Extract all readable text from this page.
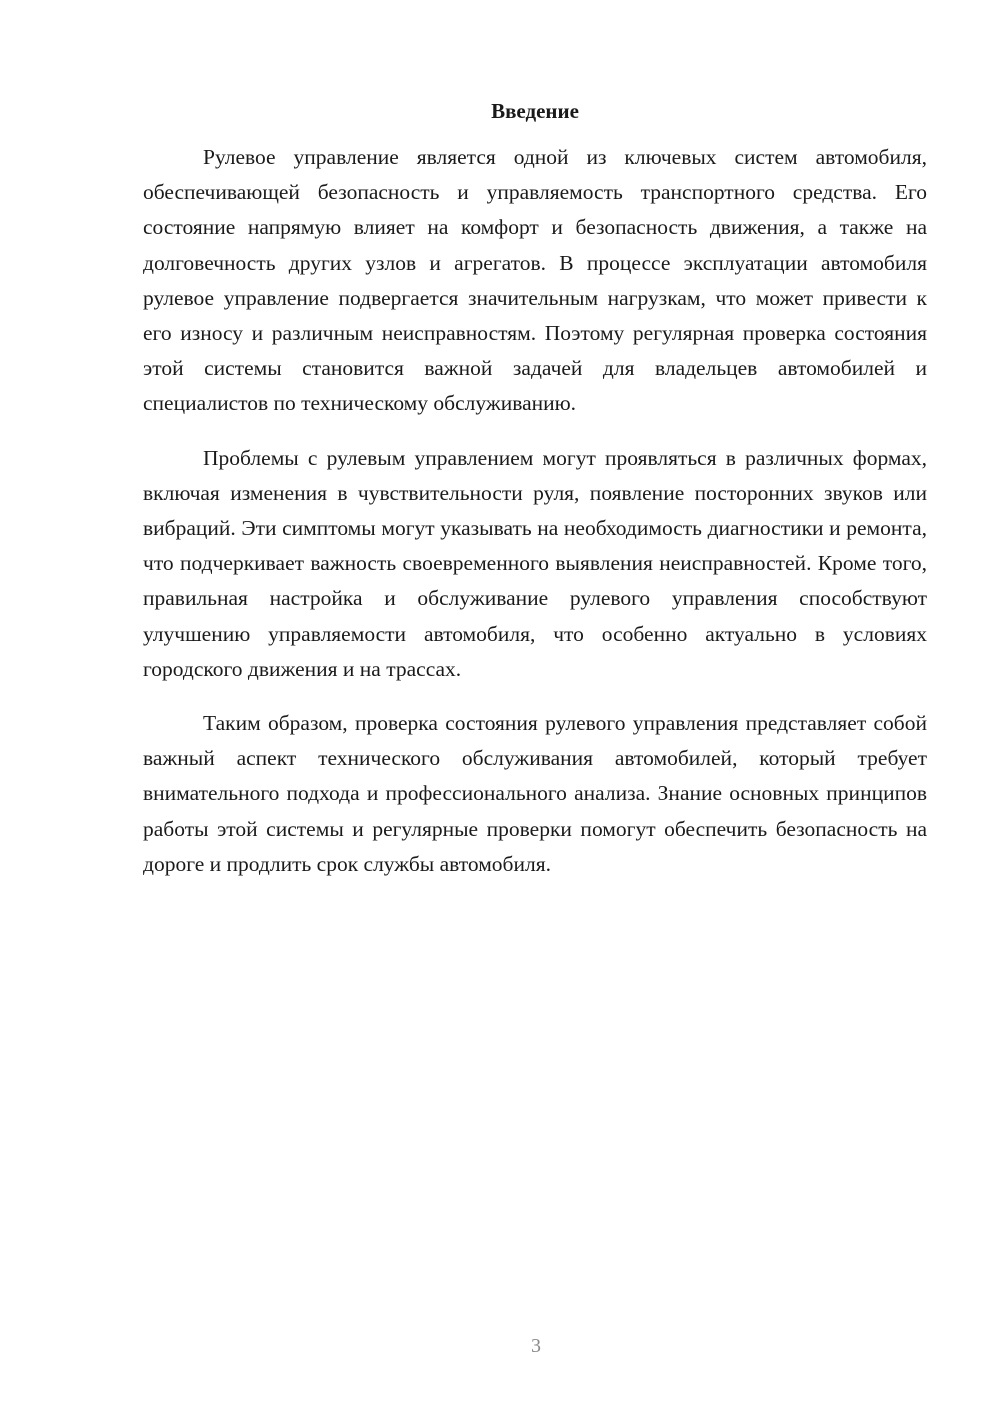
Введение

Рулевое управление является одной из ключевых систем автомобиля, обеспечивающей безопасность и управляемость транспортного средства. Его состояние напрямую влияет на комфорт и безопасность движения, а также на долговечность других узлов и агрегатов. В процессе эксплуатации автомобиля рулевое управление подвергается значительным нагрузкам, что может привести к его износу и различным неисправностям. Поэтому регулярная проверка состояния этой системы становится важной задачей для владельцев автомобилей и специалистов по техническому обслуживанию.

Проблемы с рулевым управлением могут проявляться в различных формах, включая изменения в чувствительности руля, появление посторонних звуков или вибраций. Эти симптомы могут указывать на необходимость диагностики и ремонта, что подчеркивает важность своевременного выявления неисправностей. Кроме того, правильная настройка и обслуживание рулевого управления способствуют улучшению управляемости автомобиля, что особенно актуально в условиях городского движения и на трассах.

Таким образом, проверка состояния рулевого управления представляет собой важный аспект технического обслуживания автомобилей, который требует внимательного подхода и профессионального анализа. Знание основных принципов работы этой системы и регулярные проверки помогут обеспечить безопасность на дороге и продлить срок службы автомобиля.

3
